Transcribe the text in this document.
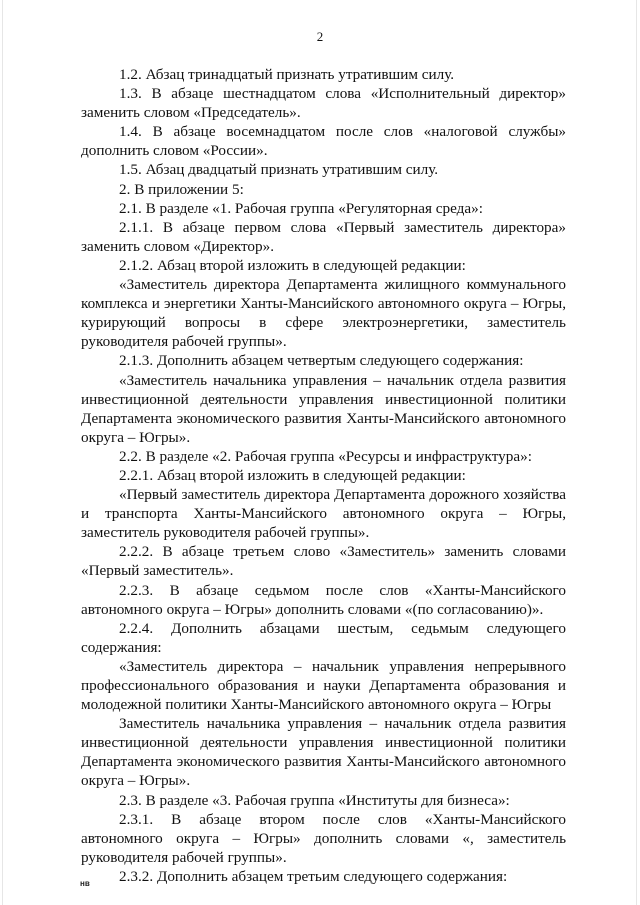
2

1.2. Абзац тринадцатый признать утратившим силу.

1.3. В абзаце шестнадцатом слова «Исполнительный директор» заменить словом «Председатель».

1.4. В абзаце восемнадцатом после слов «налоговой службы» дополнить словом «России».

1.5. Абзац двадцатый признать утратившим силу.

2. В приложении 5:

2.1. В разделе «1. Рабочая группа «Регуляторная среда»:

2.1.1. В абзаце первом слова «Первый заместитель директора» заменить словом «Директор».

2.1.2. Абзац второй изложить в следующей редакции:

«Заместитель директора Департамента жилищного коммунального комплекса и энергетики Ханты-Мансийского автономного округа – Югры, курирующий вопросы в сфере электроэнергетики, заместитель руководителя рабочей группы».

2.1.3. Дополнить абзацем четвертым следующего содержания:

«Заместитель начальника управления – начальник отдела развития инвестиционной деятельности управления инвестиционной политики Департамента экономического развития Ханты-Мансийского автономного округа – Югры».

2.2. В разделе «2. Рабочая группа «Ресурсы и инфраструктура»:

2.2.1. Абзац второй изложить в следующей редакции:

«Первый заместитель директора Департамента дорожного хозяйства и транспорта Ханты-Мансийского автономного округа – Югры, заместитель руководителя рабочей группы».

2.2.2. В абзаце третьем слово «Заместитель» заменить словами «Первый заместитель».

2.2.3. В абзаце седьмом после слов «Ханты-Мансийского автономного округа – Югры» дополнить словами «(по согласованию)».

2.2.4. Дополнить абзацами шестым, седьмым следующего содержания:

«Заместитель директора – начальник управления непрерывного профессионального образования и науки Департамента образования и молодежной политики Ханты-Мансийского автономного округа – Югры

Заместитель начальника управления – начальник отдела развития инвестиционной деятельности управления инвестиционной политики Департамента экономического развития Ханты-Мансийского автономного округа – Югры».

2.3. В разделе «3. Рабочая группа «Институты для бизнеса»:

2.3.1. В абзаце втором после слов «Ханты-Мансийского автономного округа – Югры» дополнить словами «, заместитель руководителя рабочей группы».

2.3.2. Дополнить абзацем третьим следующего содержания:

нв
